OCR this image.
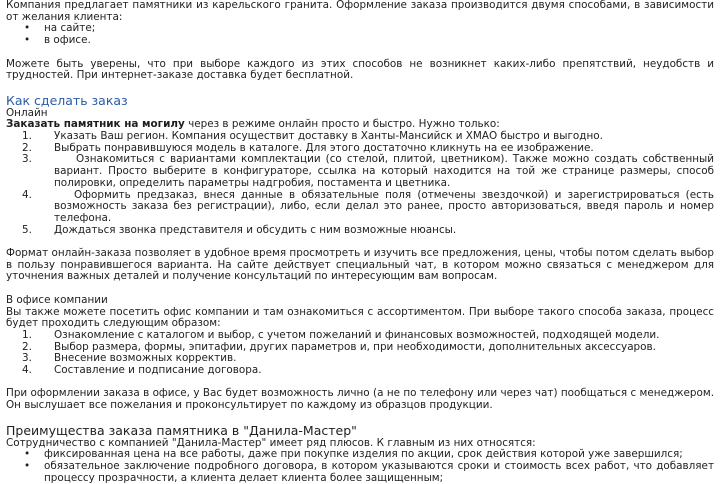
Компания предлагает памятники из карельского гранита. Оформление заказа производится двумя способами, в зависимости от желания клиента:

• на сайте;
• в офисе.

Можете быть уверены, что при выборе каждого из этих способов не возникнет каких-либо препятствий, неудобств и трудностей. При интернет-заказе доставка будет бесплатной.

Как сделать заказ

Онлайн

Заказать памятник на могилу через в режиме онлайн просто и быстро. Нужно только:

1. Указать Ваш регион. Компания осуществит доставку в Ханты-Мансийск и ХМАО быстро и выгодно.
2. Выбрать понравившуюся модель в каталоге. Для этого достаточно кликнуть на ее изображение.
3.	Ознакомиться с вариантами комплектации (со стелой, плитой, цветником). Также можно создать собственный вариант. Просто выберите в конфигураторе, ссылка на который находится на той же странице размеры, способ полировки, определить параметры надгробия, постамента и цветника.
4.	Оформить предзаказ, внеся данные в обязательные поля (отмечены звездочкой) и зарегистрироваться (есть возможность заказа без регистрации), либо, если делал это ранее, просто авторизоваться, введя пароль и номер телефона.
5. Дождаться звонка представителя и обсудить с ним возможные нюансы.

Формат онлайн-заказа позволяет в удобное время просмотреть и изучить все предложения, цены, чтобы потом сделать выбор в пользу понравившегося варианта. На сайте действует специальный чат, в котором можно связаться с менеджером для уточнения важных деталей и получение консультаций по интересующим вам вопросам.

В офисе компании

Вы также можете посетить офис компании и там ознакомиться с ассортиментом. При выборе такого способа заказа, процесс будет проходить следующим образом:

1. Ознакомление с каталогом и выбор, с учетом пожеланий и финансовых возможностей, подходящей модели.
2. Выбор размера, формы, эпитафии, других параметров и, при необходимости, дополнительных аксессуаров.
3. Внесение возможных корректив.
4. Составление и подписание договора.

При оформлении заказа в офисе, у Вас будет возможность лично (а не по телефону или через чат) пообщаться с менеджером. Он выслушает все пожелания и проконсультирует по каждому из образцов продукции.

Преимущества заказа памятника в "Данила-Мастер"

Сотрудничество с компанией "Данила-Мастер" имеет ряд плюсов. К главным из них относятся:

• фиксированная цена на все работы, даже при покупке изделия по акции, срок действия которой уже завершился;
• обязательное заключение подробного договора, в котором указываются сроки и стоимость всех работ, что добавляет процессу прозрачности, а клиента делает клиента более защищенным;
